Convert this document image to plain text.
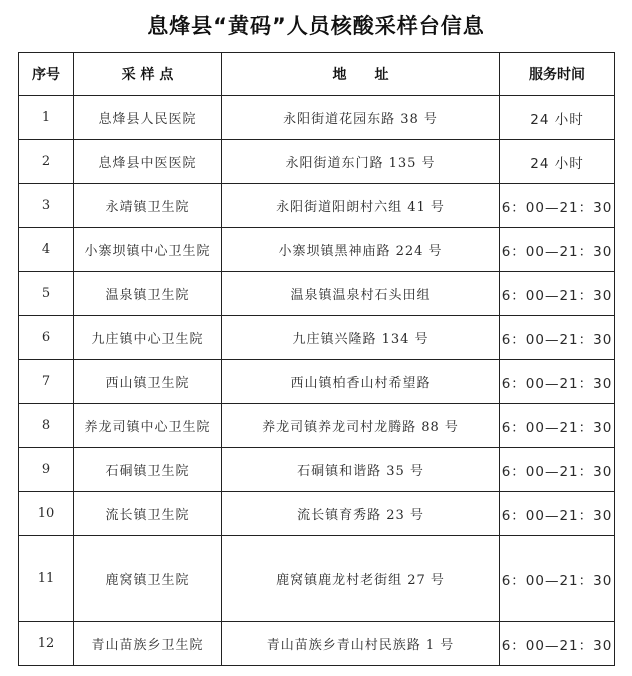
息烽县“黄码”人员核酸采样台信息
序号	采 样 点	地　　址	服务时间
1	息烽县人民医院	永阳街道花园东路 38 号	24 小时
2	息烽县中医医院	永阳街道东门路 135 号	24 小时
3	永靖镇卫生院	永阳街道阳朗村六组 41 号	6：00—21：30
4	小寨坝镇中心卫生院	小寨坝镇黑神庙路 224 号	6：00—21：30
5	温泉镇卫生院	温泉镇温泉村石头田组	6：00—21：30
6	九庄镇中心卫生院	九庄镇兴隆路 134 号	6：00—21：30
7	西山镇卫生院	西山镇柏香山村希望路	6：00—21：30
8	养龙司镇中心卫生院	养龙司镇养龙司村龙腾路 88 号	6：00—21：30
9	石硐镇卫生院	石硐镇和谐路 35 号	6：00—21：30
10	流长镇卫生院	流长镇育秀路 23 号	6：00—21：30
11	鹿窝镇卫生院	鹿窝镇鹿龙村老街组 27 号	6：00—21：30
12	青山苗族乡卫生院	青山苗族乡青山村民族路 1 号	6：00—21：30
